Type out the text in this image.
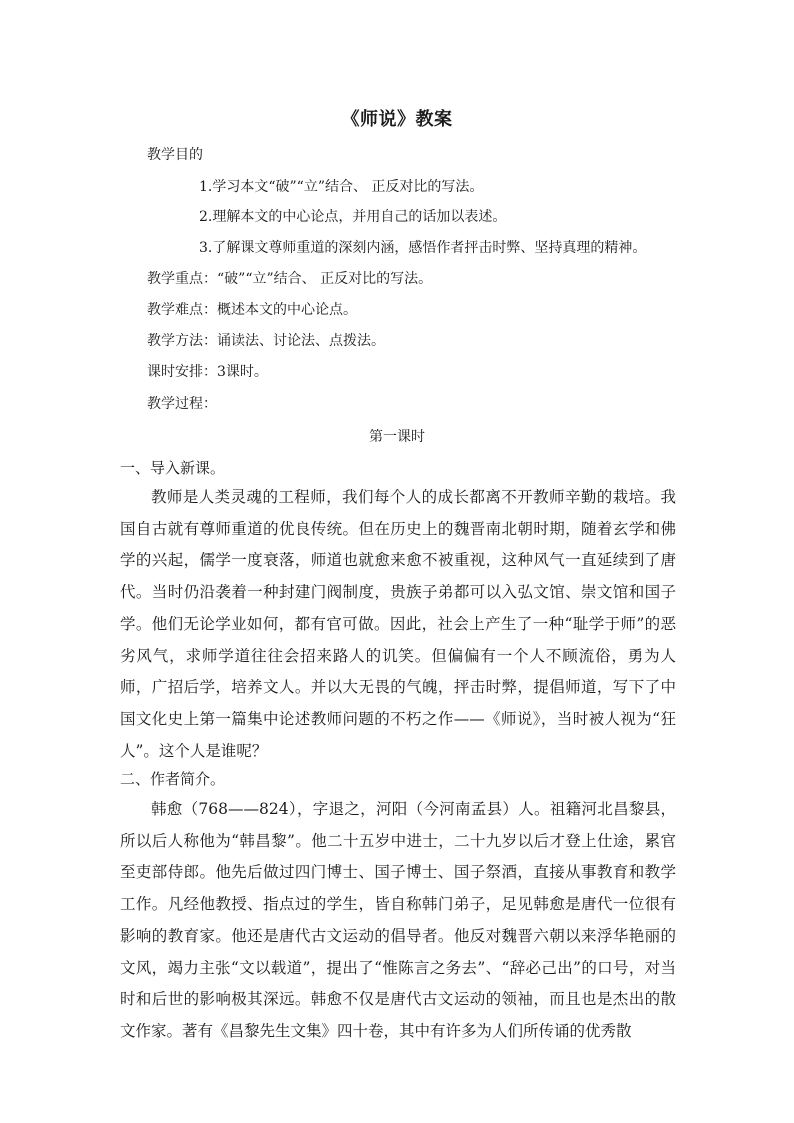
《师说》教案
教学目的
1.学习本文“破”“立”结合、 正反对比的写法。
2.理解本文的中心论点，并用自己的话加以表述。
3.了解课文尊师重道的深刻内涵，感悟作者抨击时弊、坚持真理的精神。
教学重点：“破”“立”结合、 正反对比的写法。
教学难点：概述本文的中心论点。
教学方法：诵读法、讨论法、点拨法。
课时安排：3课时。
教学过程：
第一课时
一、导入新课。

教师是人类灵魂的工程师，我们每个人的成长都离不开教师辛勤的栽培。我国自古就有尊师重道的优良传统。但在历史上的魏晋南北朝时期，随着玄学和佛学的兴起，儒学一度衰落，师道也就愈来愈不被重视，这种风气一直延续到了唐代。当时仍沿袭着一种封建门阀制度，贵族子弟都可以入弘文馆、崇文馆和国子学。他们无论学业如何，都有官可做。因此，社会上产生了一种“耻学于师”的恶劣风气，求师学道往往会招来路人的讥笑。但偏偏有一个人不顾流俗，勇为人师，广招后学，培养文人。并以大无畏的气魄，抨击时弊，提倡师道，写下了中国文化史上第一篇集中论述教师问题的不朽之作——《师说》，当时被人视为“狂人”。这个人是谁呢？

二、作者简介。

韩愈（768——824），字退之，河阳（今河南孟县）人。祖籍河北昌黎县，所以后人称他为“韩昌黎”。他二十五岁中进士，二十九岁以后才登上仕途，累官至吏部侍郎。他先后做过四门博士、国子博士、国子祭酒，直接从事教育和教学工作。凡经他教授、指点过的学生，皆自称韩门弟子，足见韩愈是唐代一位很有影响的教育家。他还是唐代古文运动的倡导者。他反对魏晋六朝以来浮华艳丽的文风，竭力主张“文以载道”，提出了“惟陈言之务去”、“辞必己出”的口号，对当时和后世的影响极其深远。韩愈不仅是唐代古文运动的领袖，而且也是杰出的散文作家。著有《昌黎先生文集》四十卷，其中有许多为人们所传诵的优秀散
